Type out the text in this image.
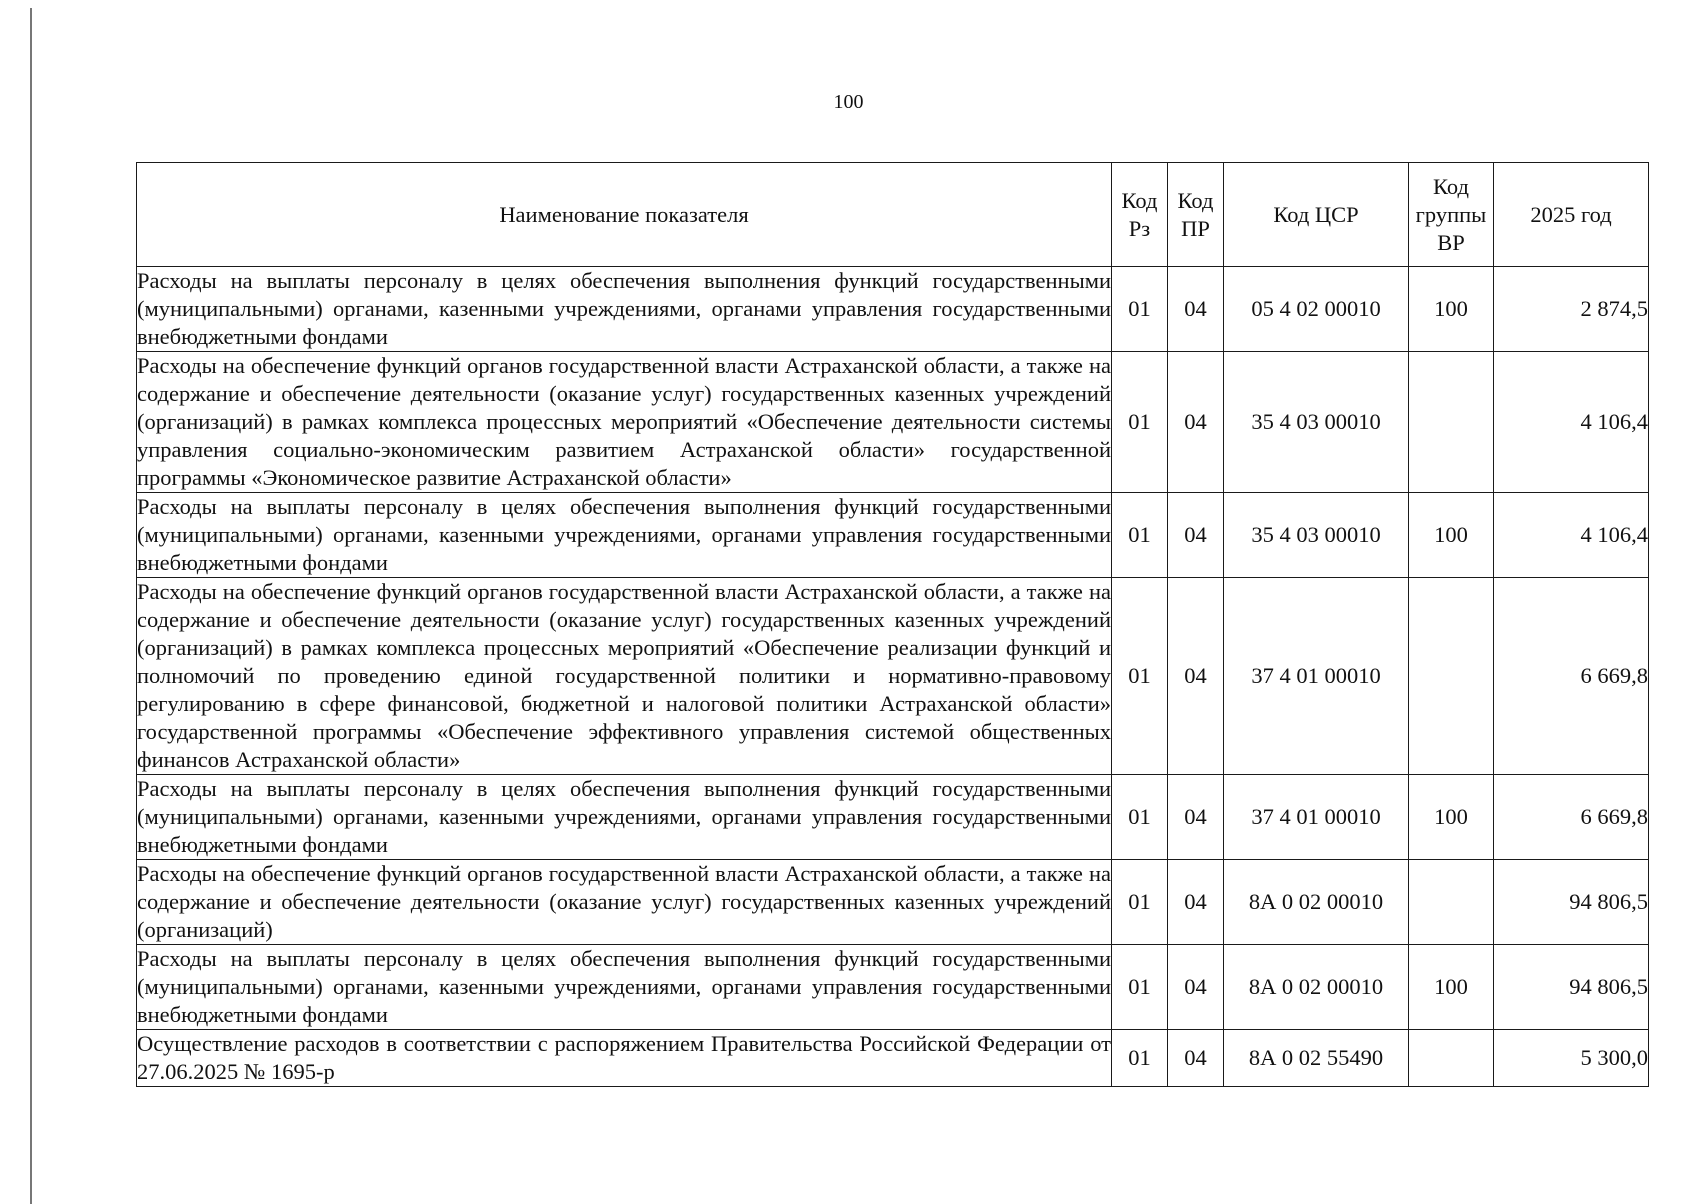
100
Наименование показателя	Код Рз	Код ПР	Код ЦСР	Код группы ВР	2025 год
Расходы на выплаты персоналу в целях обеспечения выполнения функций государственными (муниципальными) органами, казенными учреждениями, органами управления государственными внебюджетными фондами	01	04	05 4 02 00010	100	2 874,5
Расходы на обеспечение функций органов государственной власти Астраханской области, а также на содержание и обеспечение деятельности (оказание услуг) государственных казенных учреждений (организаций) в рамках комплекса процессных мероприятий «Обеспечение деятельности системы управления социально-экономическим развитием Астраханской области» государственной программы «Экономическое развитие Астраханской области»	01	04	35 4 03 00010		4 106,4
Расходы на выплаты персоналу в целях обеспечения выполнения функций государственными (муниципальными) органами, казенными учреждениями, органами управления государственными внебюджетными фондами	01	04	35 4 03 00010	100	4 106,4
Расходы на обеспечение функций органов государственной власти Астраханской области, а также на содержание и обеспечение деятельности (оказание услуг) государственных казенных учреждений (организаций) в рамках комплекса процессных мероприятий «Обеспечение реализации функций и полномочий по проведению единой государственной политики и нормативно-правовому регулированию в сфере финансовой, бюджетной и налоговой политики Астраханской области» государственной программы «Обеспечение эффективного управления системой общественных финансов Астраханской области»	01	04	37 4 01 00010		6 669,8
Расходы на выплаты персоналу в целях обеспечения выполнения функций государственными (муниципальными) органами, казенными учреждениями, органами управления государственными внебюджетными фондами	01	04	37 4 01 00010	100	6 669,8
Расходы на обеспечение функций органов государственной власти Астраханской области, а также на содержание и обеспечение деятельности (оказание услуг) государственных казенных учреждений (организаций)	01	04	8А 0 02 00010		94 806,5
Расходы на выплаты персоналу в целях обеспечения выполнения функций государственными (муниципальными) органами, казенными учреждениями, органами управления государственными внебюджетными фондами	01	04	8А 0 02 00010	100	94 806,5
Осуществление расходов в соответствии с распоряжением Правительства Российской Федерации от 27.06.2025 № 1695-р	01	04	8А 0 02 55490		5 300,0
